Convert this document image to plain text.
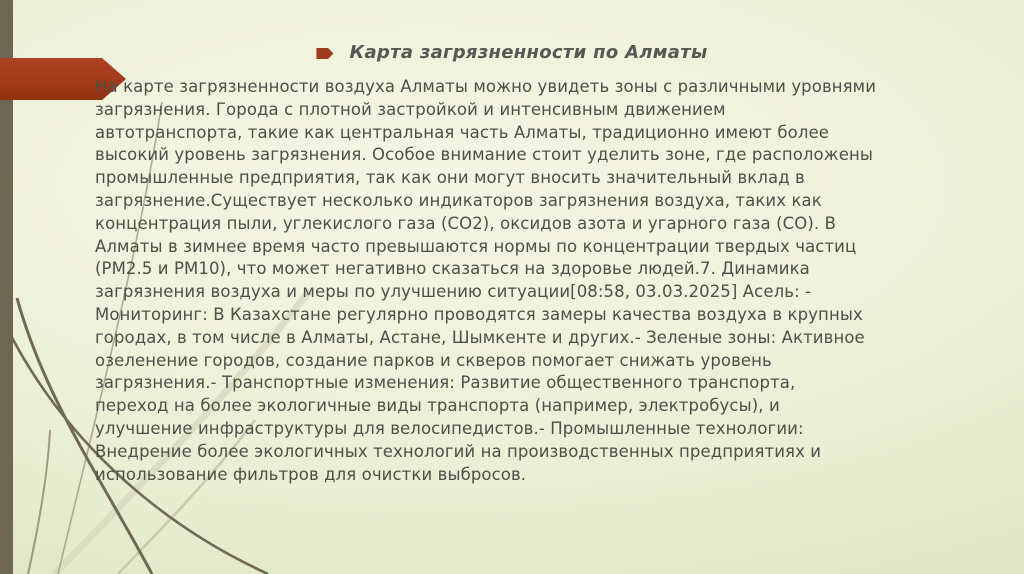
Карта загрязненности по Алматы
На карте загрязненности воздуха Алматы можно увидеть зоны с различными уровнями
загрязнения. Города с плотной застройкой и интенсивным движением
автотранспорта, такие как центральная часть Алматы, традиционно имеют более
высокий уровень загрязнения. Особое внимание стоит уделить зоне, где расположены
промышленные предприятия, так как они могут вносить значительный вклад в
загрязнение.Существует несколько индикаторов загрязнения воздуха, таких как
концентрация пыли, углекислого газа (CO2), оксидов азота и угарного газа (CO). В
Алматы в зимнее время часто превышаются нормы по концентрации твердых частиц
(PM2.5 и PM10), что может негативно сказаться на здоровье людей.7. Динамика
загрязнения воздуха и меры по улучшению ситуации[08:58, 03.03.2025] Асель: -
Мониторинг: В Казахстане регулярно проводятся замеры качества воздуха в крупных
городах, в том числе в Алматы, Астане, Шымкенте и других.- Зеленые зоны: Активное
озеленение городов, создание парков и скверов помогает снижать уровень
загрязнения.- Транспортные изменения: Развитие общественного транспорта,
переход на более экологичные виды транспорта (например, электробусы), и
улучшение инфраструктуры для велосипедистов.- Промышленные технологии:
Внедрение более экологичных технологий на производственных предприятиях и
использование фильтров для очистки выбросов.
